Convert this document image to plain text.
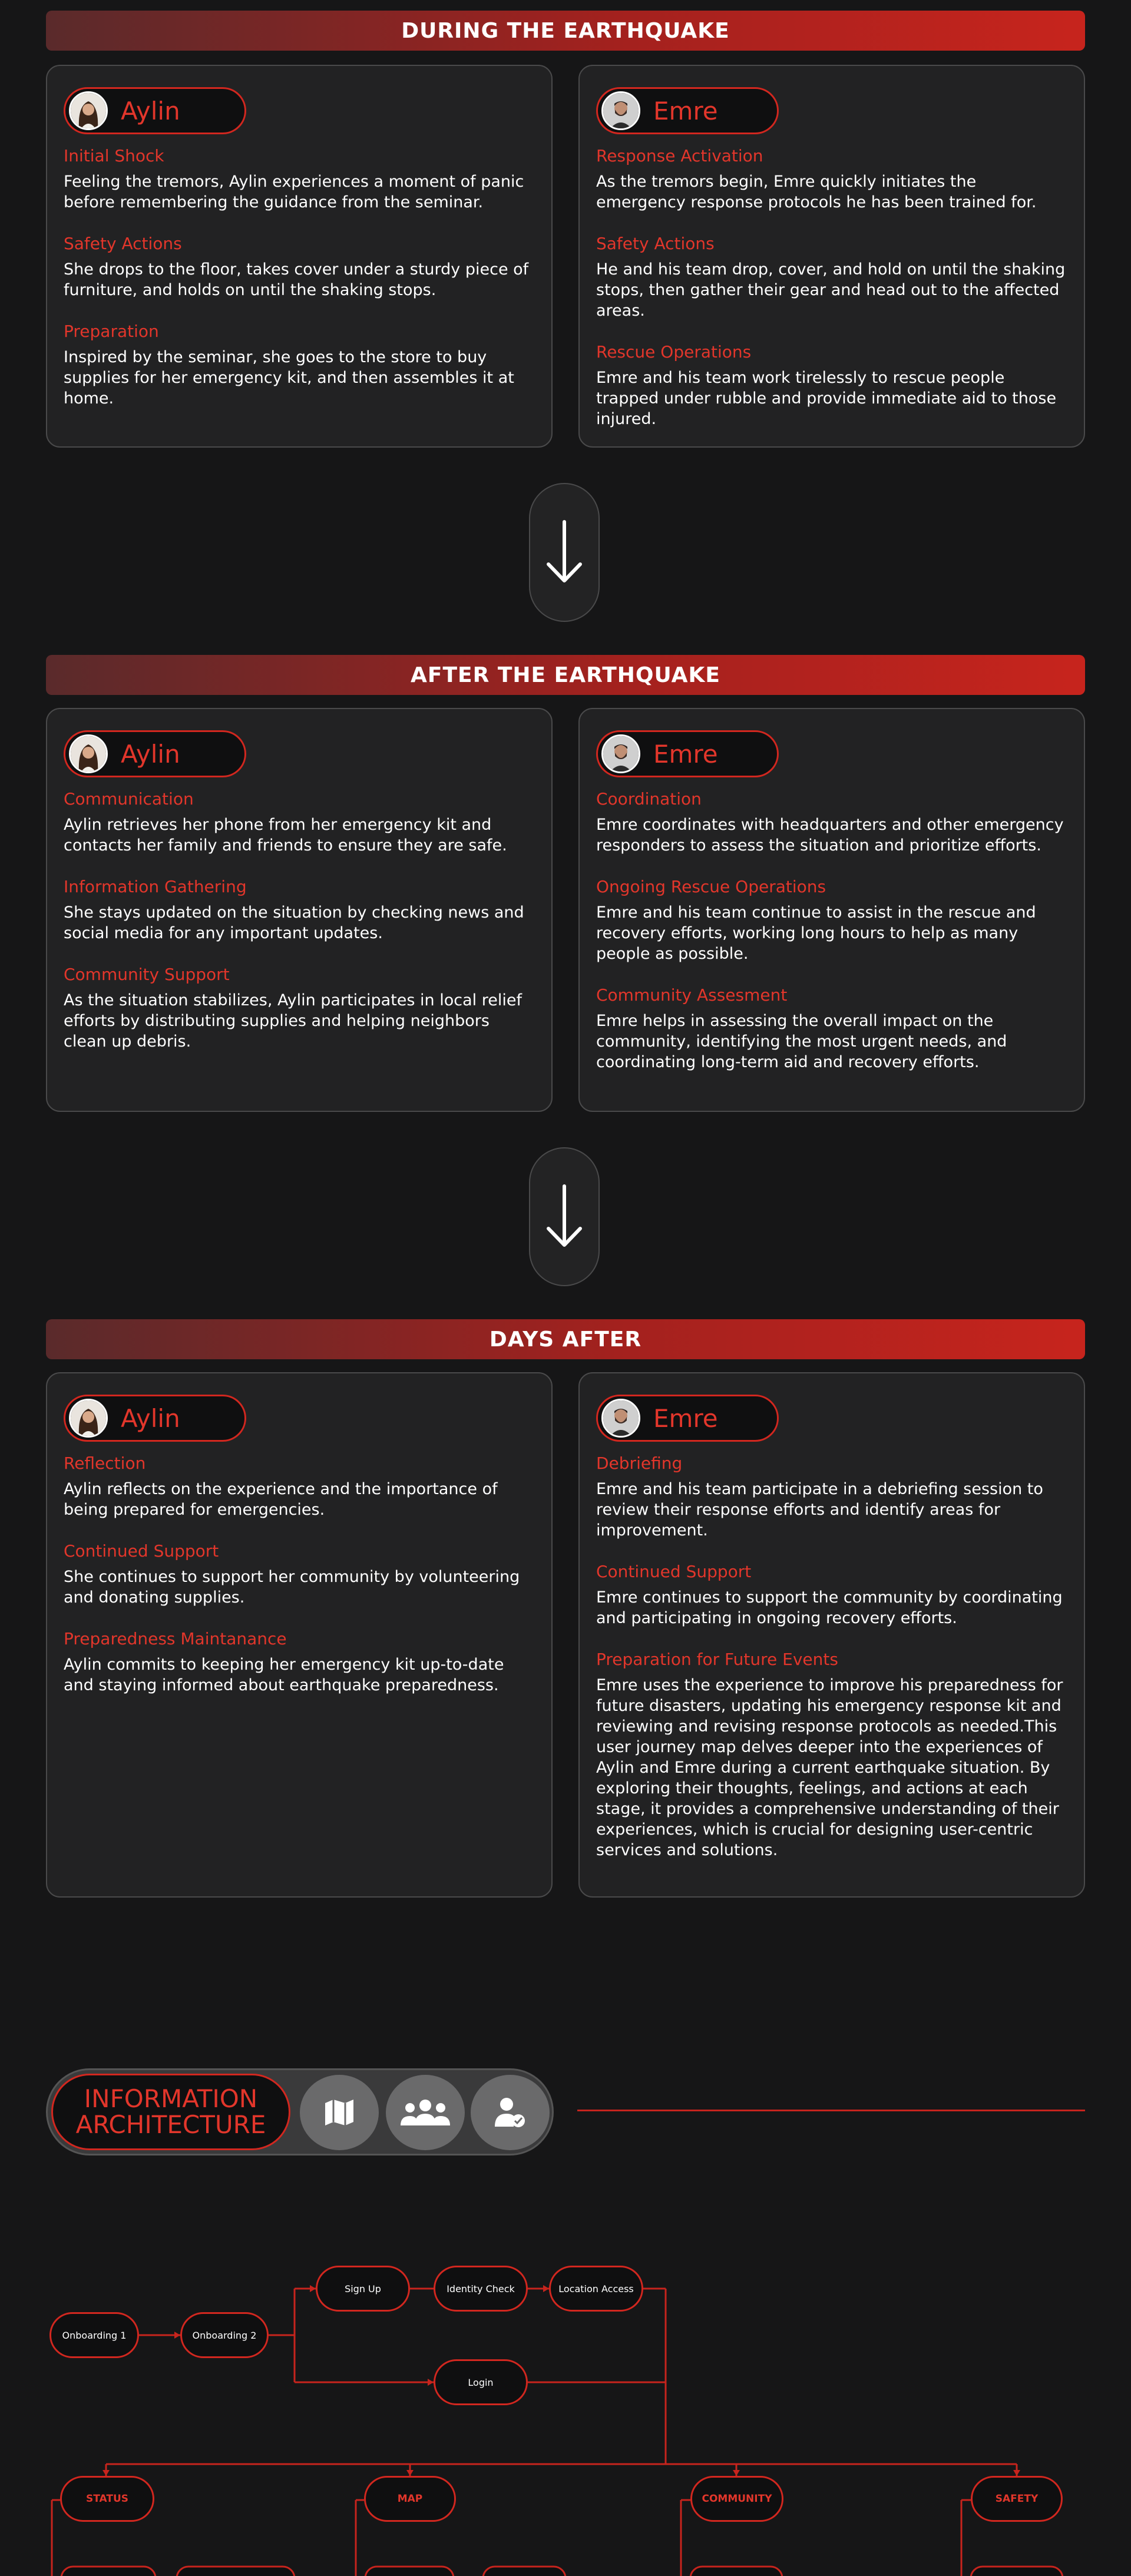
DURING THE EARTHQUAKE
Aylin
Initial Shock
Feeling the tremors, Aylin experiences a moment of panic before remembering the guidance from the seminar.
Safety Actions
She drops to the floor, takes cover under a sturdy piece of furniture, and holds on until the shaking stops.
Preparation
Inspired by the seminar, she goes to the store to buy supplies for her emergency kit, and then assembles it at home.
Emre
Response Activation
As the tremors begin, Emre quickly initiates the emergency response protocols he has been trained for.
Safety Actions
He and his team drop, cover, and hold on until the shaking stops, then gather their gear and head out to the affected areas.
Rescue Operations
Emre and his team work tirelessly to rescue people trapped under rubble and provide immediate aid to those injured.
AFTER THE EARTHQUAKE
Aylin
Communication
Aylin retrieves her phone from her emergency kit and contacts her family and friends to ensure they are safe.
Information Gathering
She stays updated on the situation by checking news and social media for any important updates.
Community Support
As the situation stabilizes, Aylin participates in local relief efforts by distributing supplies and helping neighbors clean up debris.
Emre
Coordination
Emre coordinates with headquarters and other emergency responders to assess the situation and prioritize efforts.
Ongoing Rescue Operations
Emre and his team continue to assist in the rescue and recovery efforts, working long hours to help as many people as possible.
Community Assesment
Emre helps in assessing the overall impact on the community, identifying the most urgent needs, and coordinating long-term aid and recovery efforts.
DAYS AFTER
Aylin
Reflection
Aylin reflects on the experience and the importance of being prepared for emergencies.
Continued Support
She continues to support her community by volunteering and donating supplies.
Preparedness Maintanance
Aylin commits to keeping her emergency kit up-to-date and staying informed about earthquake preparedness.
Emre
Debriefing
Emre and his team participate in a debriefing session to review their response efforts and identify areas for improvement.
Continued Support
Emre continues to support the community by coordinating and participating in ongoing recovery efforts.
Preparation for Future Events
Emre uses the experience to improve his preparedness for future disasters, updating his emergency response kit and reviewing and revising response protocols as needed.This user journey map delves deeper into the experiences of Aylin and Emre during a current earthquake situation. By exploring their thoughts, feelings, and actions at each stage, it provides a comprehensive understanding of their experiences, which is crucial for designing user-centric services and solutions.
INFORMATION
ARCHITECTURE
Onboarding 1	Onboarding 2
Sign Up	Identity Check	Location Access
Login
STATUS	MAP	COMMUNITY	SAFETY
